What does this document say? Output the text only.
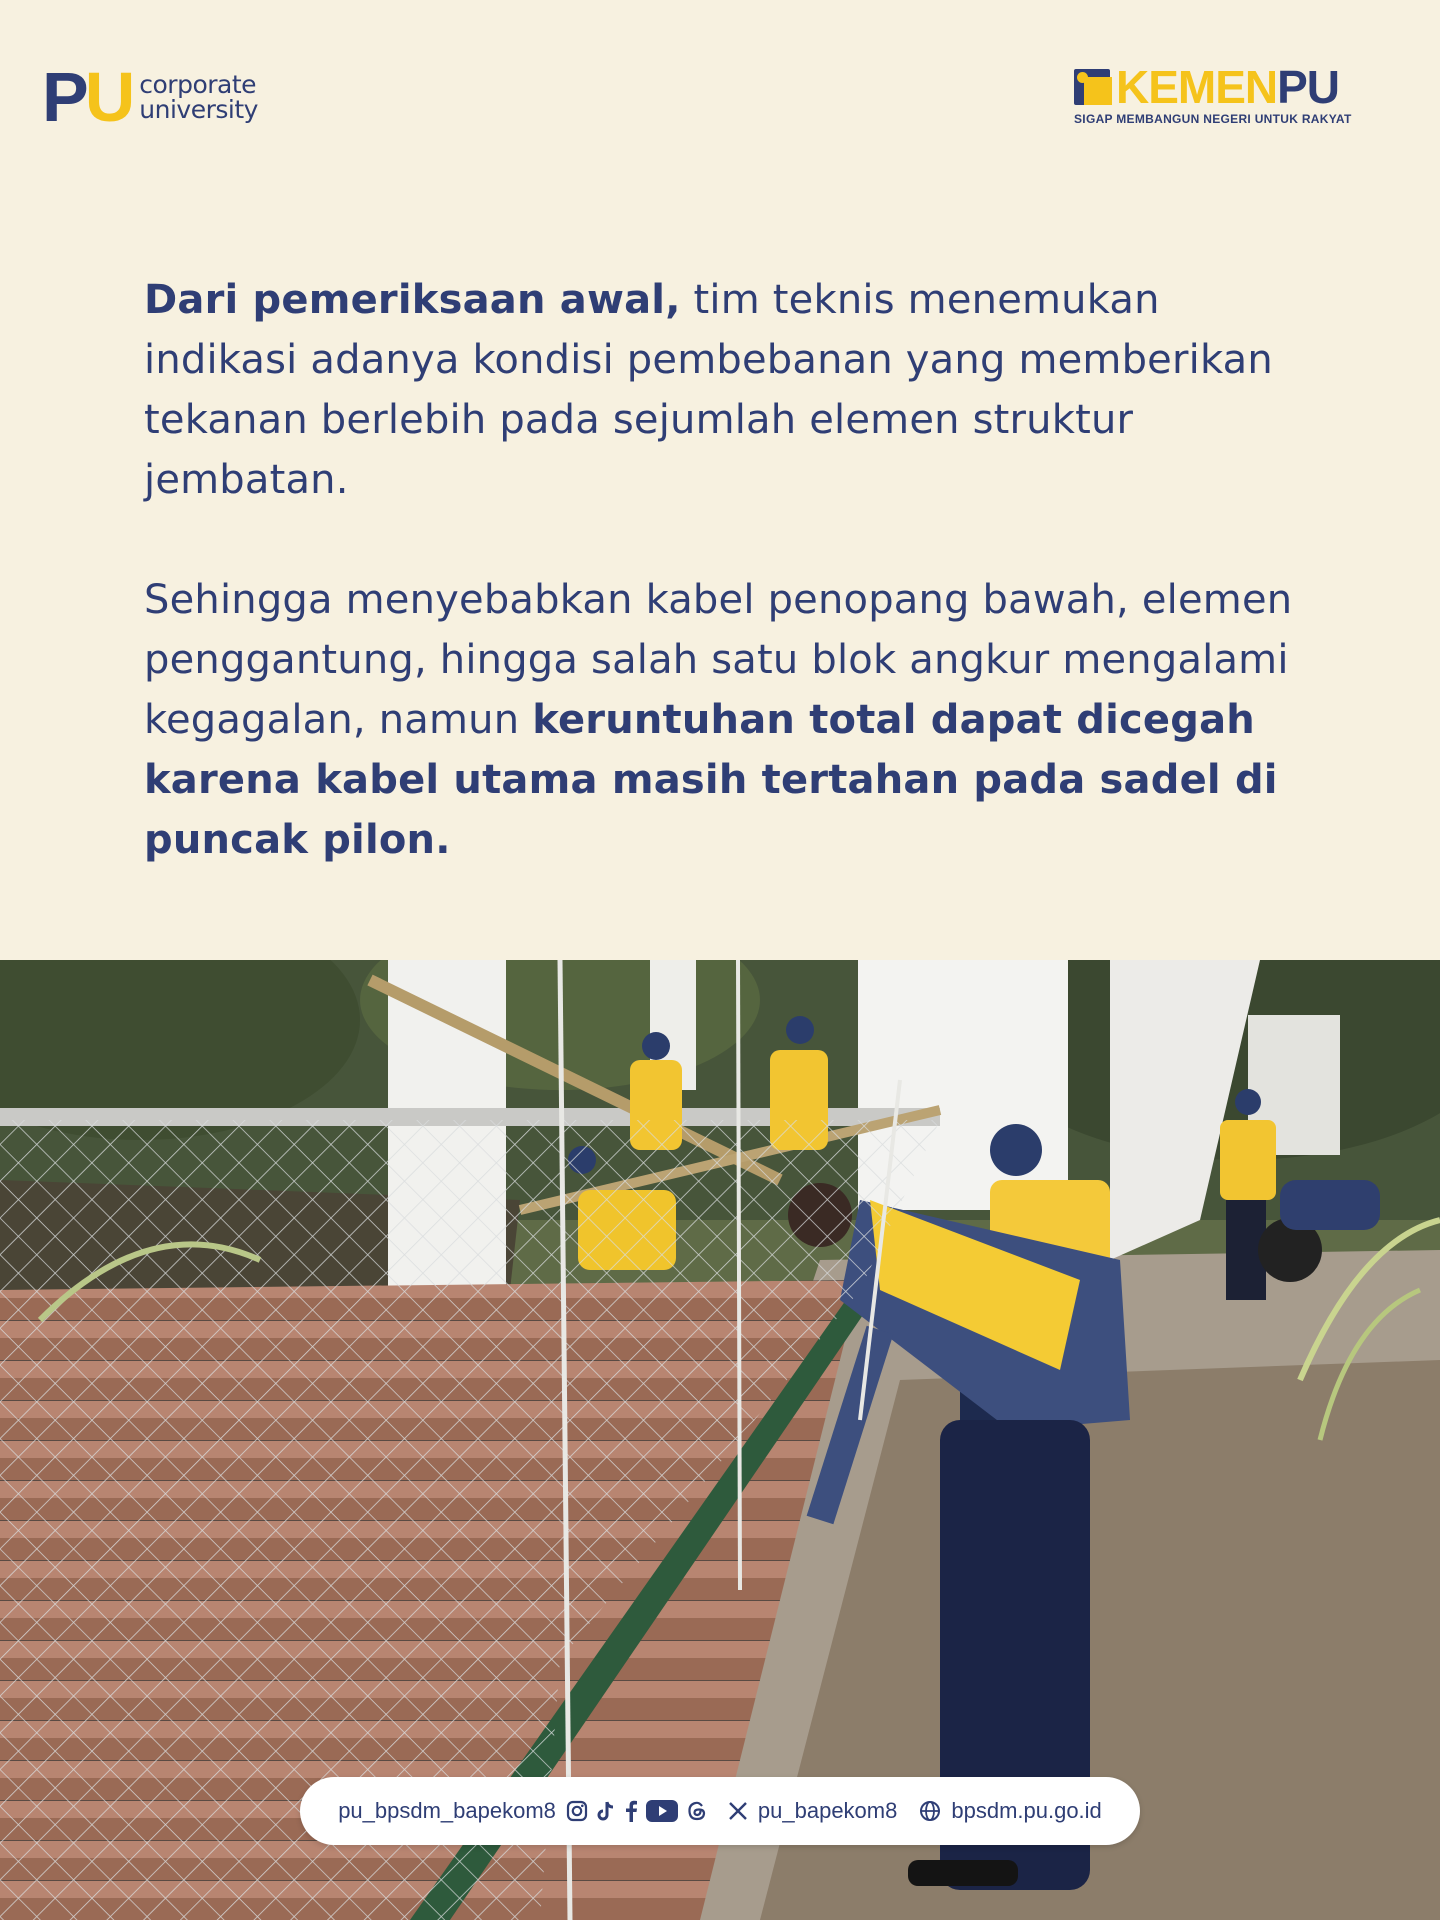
P U corporate
university	KEMENPU
SIGAP MEMBANGUN NEGERI UNTUK RAKYAT

Dari pemeriksaan awal, tim teknis menemukan indikasi adanya kondisi pembebanan yang memberikan tekanan berlebih pada sejumlah elemen struktur jembatan.

Sehingga menyebabkan kabel penopang bawah, elemen penggantung, hingga salah satu blok angkur mengalami kegagalan, namun keruntuhan total dapat dicegah karena kabel utama masih tertahan pada sadel di puncak pilon.

pu_bpsdm_bapekom8	pu_bapekom8 bpsdm.pu.go.id
